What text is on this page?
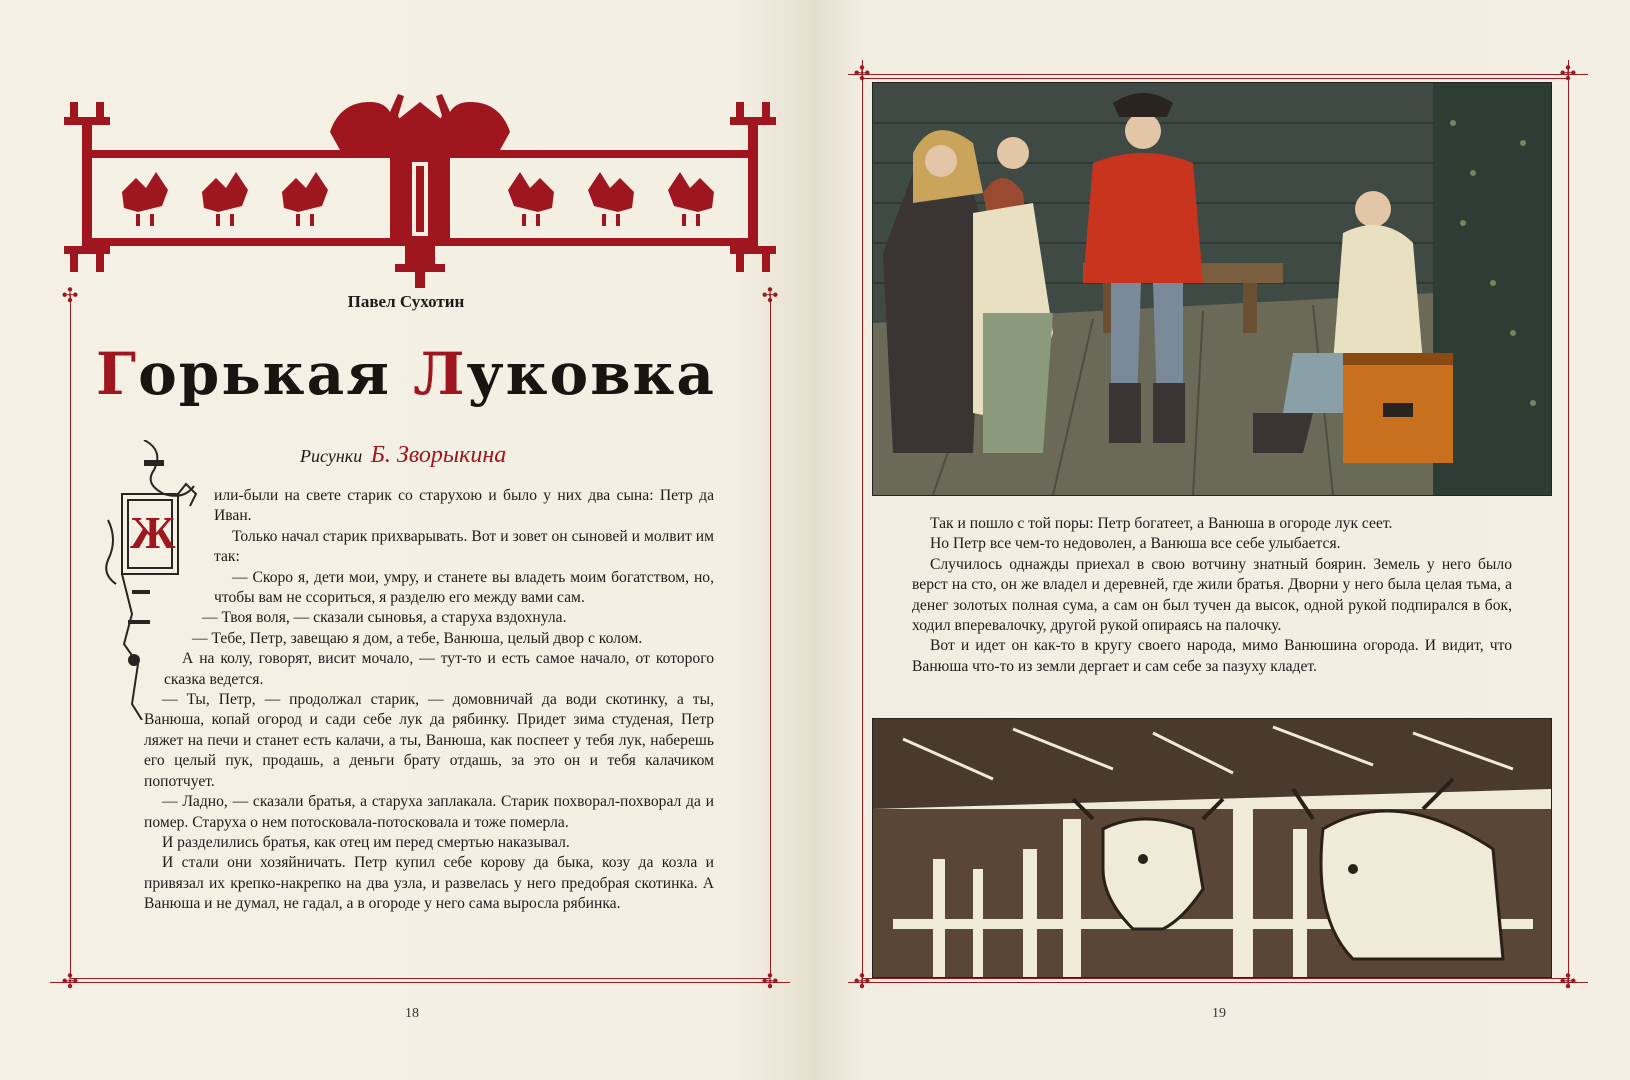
✣	✣
✣	✣
Павел Сухотин
Горькая Луковка
Рисунки Б. Зворыкина
Ж

или-были на свете старик со старухою и было у них два сына: Петр да Иван.

Только начал старик прихварывать. Вот и зовет он сыновей и молвит им так:

— Скоро я, дети мои, умру, и станете вы владеть моим богатством, но, чтобы вам не ссориться, я разделю его между вами сам.

— Твоя воля, — сказали сыновья, а старуха вздохнула.

— Тебе, Петр, завещаю я дом, а тебе, Ванюша, целый двор с колом.

А на колу, говорят, висит мочало, — тут-то и есть самое начало, от которого сказка ведется.

— Ты, Петр, — продолжал старик, — домовничай да води скотинку, а ты, Ванюша, копай огород и сади себе лук да рябинку. Придет зима студеная, Петр ляжет на печи и станет есть калачи, а ты, Ванюша, как поспеет у тебя лук, наберешь его целый пук, продашь, а деньги брату отдашь, за это он и тебя калачиком попотчует.

— Ладно, — сказали братья, а старуха заплакала. Старик похворал-похворал да и помер. Старуха о нем потосковала-потосковала и тоже померла.

И разделились братья, как отец им перед смертью наказывал.

И стали они хозяйничать. Петр купил себе корову да быка, козу да козла и привязал их крепко-накрепко на два узла, и развелась у него предобрая скотинка. А Ванюша и не думал, не гадал, а в огороде у него сама выросла рябинка.

18
✣	✣
✣	✣

Так и пошло с той поры: Петр богатеет, а Ванюша в огороде лук сеет.

Но Петр все чем-то недоволен, а Ванюша все себе улыбается.

Случилось однажды приехал в свою вотчину знатный боярин. Земель у него было верст на сто, он же владел и деревней, где жили братья. Дворни у него была целая тьма, а денег золотых полная сума, а сам он был тучен да высок, одной рукой подпирался в бок, ходил вперевалочку, другой рукой опираясь на палочку.

Вот и идет он как-то в кругу своего народа, мимо Ванюшина огорода. И видит, что Ванюша что-то из земли дергает и сам себе за пазуху кладет.

19
